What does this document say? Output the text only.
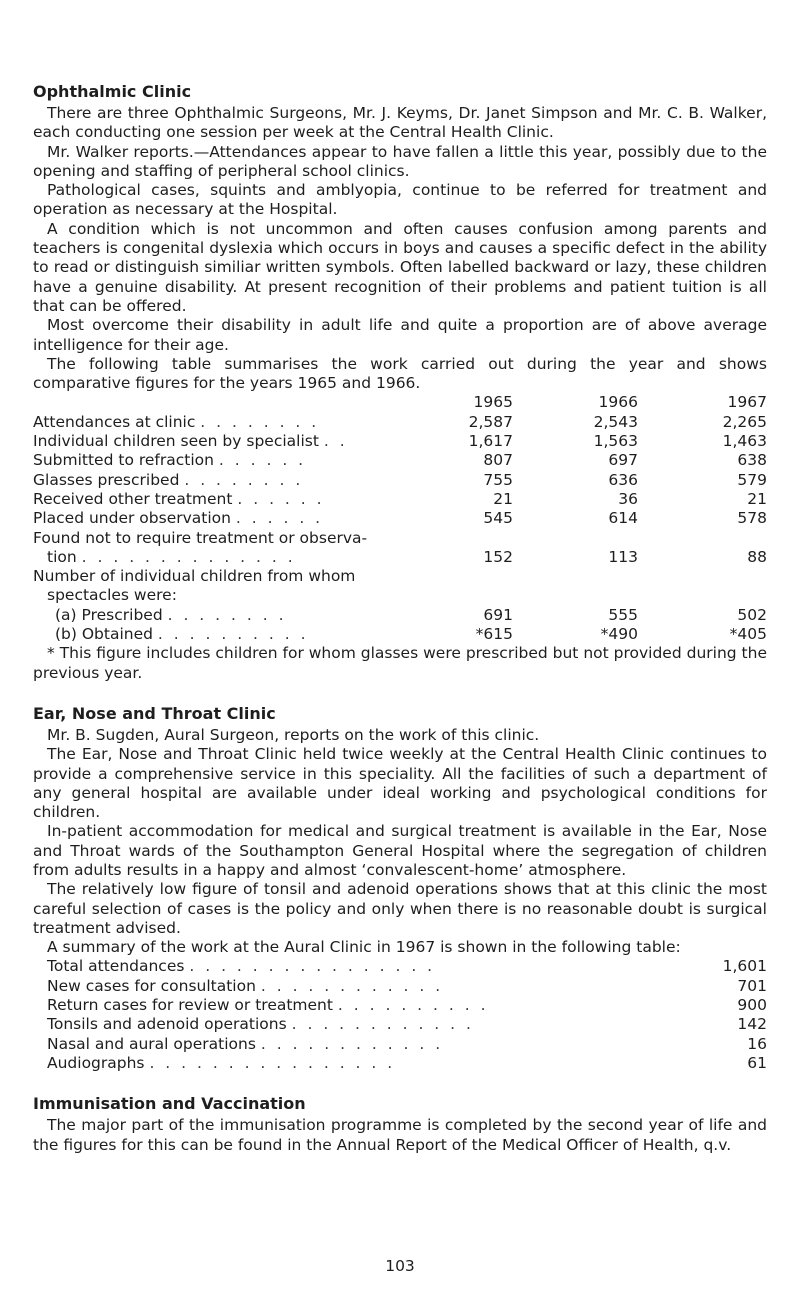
Ophthalmic Clinic

There are three Ophthalmic Surgeons, Mr. J. Keyms, Dr. Janet Simpson and Mr. C. B. Walker, each conducting one session per week at the Central Health Clinic.

Mr. Walker reports.—Attendances appear to have fallen a little this year, possibly due to the opening and staffing of peripheral school clinics.

Pathological cases, squints and amblyopia, continue to be referred for treatment and operation as necessary at the Hospital.

A condition which is not uncommon and often causes confusion among parents and teachers is congenital dyslexia which occurs in boys and causes a specific defect in the ability to read or distinguish similiar written symbols. Often labelled backward or lazy, these children have a genuine disability. At present recognition of their problems and patient tuition is all that can be offered.

Most overcome their disability in adult life and quite a proportion are of above average intelligence for their age.

The following table summarises the work carried out during the year and shows comparative figures for the years 1965 and 1966.

	1965	1966	1967
Attendances at clinic . . . . . . . .	2,587	2,543	2,265
Individual children seen by specialist . .	1,617	1,563	1,463
Submitted to refraction . . . . . .	807	697	638
Glasses prescribed . . . . . . . .	755	636	579
Received other treatment . . . . . .	21	36	21
Placed under observation . . . . . .	545	614	578
Found not to require treatment or observa-			
tion . . . . . . . . . . . . . .	152	113	88
Number of individual children from whom			
spectacles were:			
(a) Prescribed . . . . . . . .	691	555	502
(b) Obtained . . . . . . . . . .	*615	*490	*405

* This figure includes children for whom glasses were prescribed but not provided during the previous year.

Ear, Nose and Throat Clinic

Mr. B. Sugden, Aural Surgeon, reports on the work of this clinic.

The Ear, Nose and Throat Clinic held twice weekly at the Central Health Clinic continues to provide a comprehensive service in this speciality. All the facilities of such a department of any general hospital are available under ideal working and psychological conditions for children.

In-patient accommodation for medical and surgical treatment is available in the Ear, Nose and Throat wards of the Southampton General Hospital where the segregation of children from adults results in a happy and almost ‘convalescent-home’ atmosphere.

The relatively low figure of tonsil and adenoid operations shows that at this clinic the most careful selection of cases is the policy and only when there is no reasonable doubt is surgical treatment advised.

A summary of the work at the Aural Clinic in 1967 is shown in the following table:

Total attendances . . . . . . . . . . . . . . . .	1,601
New cases for consultation . . . . . . . . . . . .	701
Return cases for review or treatment . . . . . . . . . .	900
Tonsils and adenoid operations . . . . . . . . . . . .	142
Nasal and aural operations . . . . . . . . . . . .	16
Audiographs . . . . . . . . . . . . . . . .	61
Immunisation and Vaccination

The major part of the immunisation programme is completed by the second year of life and the figures for this can be found in the Annual Report of the Medical Officer of Health, q.v.

103
